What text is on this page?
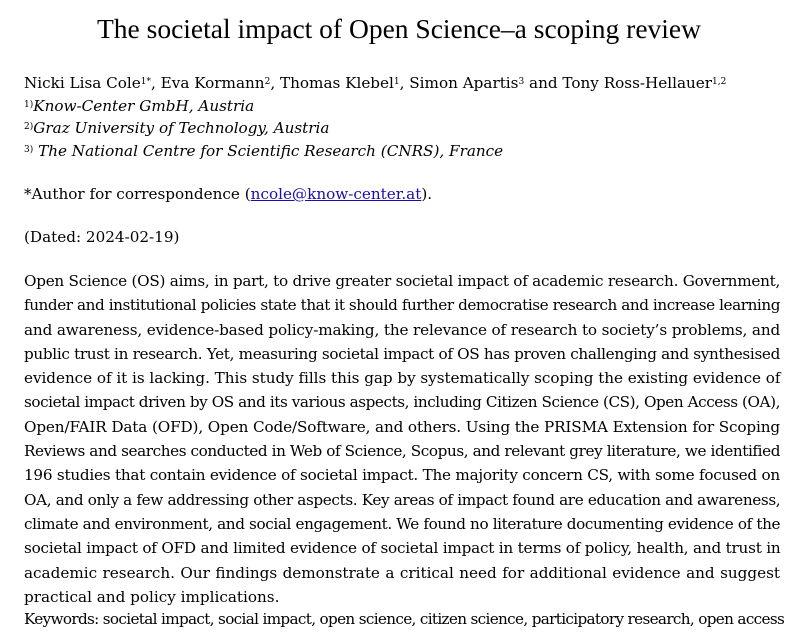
The societal impact of Open Science–a scoping review
Nicki Lisa Cole$^{1*}$, Eva Kormann$^2$, Thomas Klebel$^1$, Simon Apartis$^3$ and Tony Ross-Hellauer$^{1,2}$
$^{1)}$Know-Center GmbH, Austria
$^{2)}$Graz University of Technology, Austria
$^{3)}$ The National Centre for Scientific Research (CNRS), France
*Author for correspondence (ncole@know-center.at).
(Dated: 2024-02-19)
Open Science (OS) aims, in part, to drive greater societal impact of academic research. Government,
funder and institutional policies state that it should further democratise research and increase learning
and awareness, evidence-based policy-making, the relevance of research to society’s problems, and
public trust in research. Yet, measuring societal impact of OS has proven challenging and synthesised
evidence of it is lacking. This study fills this gap by systematically scoping the existing evidence of
societal impact driven by OS and its various aspects, including Citizen Science (CS), Open Access (OA),
Open/FAIR Data (OFD), Open Code/Software, and others. Using the PRISMA Extension for Scoping
Reviews and searches conducted in Web of Science, Scopus, and relevant grey literature, we identified
196 studies that contain evidence of societal impact. The majority concern CS, with some focused on
OA, and only a few addressing other aspects. Key areas of impact found are education and awareness,
climate and environment, and social engagement. We found no literature documenting evidence of the
societal impact of OFD and limited evidence of societal impact in terms of policy, health, and trust in
academic research. Our findings demonstrate a critical need for additional evidence and suggest
practical and policy implications.
Keywords: societal impact, social impact, open science, citizen science, participatory research, open access
